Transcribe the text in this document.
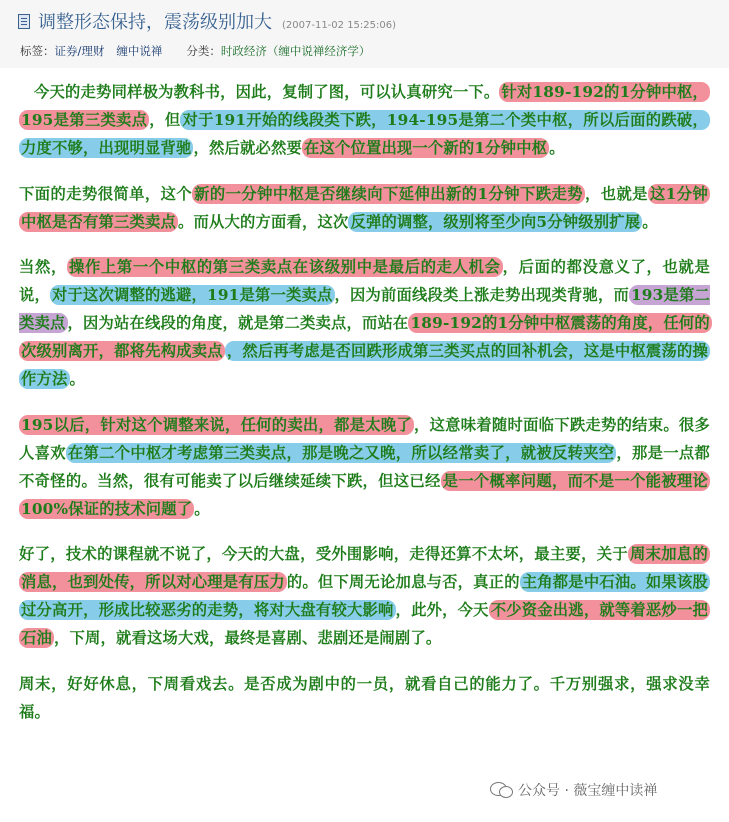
调整形态保持，震荡级别加大 (2007-11-02 15:25:06)
标签：证券/理财 缠中说禅 分类：时政经济（缠中说禅经济学）

今天的走势同样极为教科书，因此，复制了图，可以认真研究一下。 针对189-192的1分钟中枢，195是第三类卖点 ，但 对于191开始的线段类下跌，194-195是第二个类中枢，所以后面的跌破，力度不够，出现明显背驰 ，然后就必然要 在这个位置出现一个新的1分钟中枢 。

下面的走势很简单，这个 新的一分钟中枢是否继续向下延伸出新的1分钟下跌走势 ，也就是 这1分钟中枢是否有第三类卖点 。而从大的方面看，这次 反弹的调整，级别将至少向5分钟级别扩展 。

当然， 操作上第一个中枢的第三类卖点在该级别中是最后的走人机会 ，后面的都没意义了，也就是说， 对于这次调整的逃避，191是第一类卖点 ，因为前面线段类上涨走势出现类背驰，而 193是第二类卖点 ，因为站在线段的角度，就是第二类卖点，而站在 189-192的1分钟中枢震荡的角度，任何的次级别离开，都将先构成卖点 ，然后再考虑是否回跌形成第三类买点的回补机会，这是中枢震荡的操作方法 。

195以后，针对这个调整来说，任何的卖出，都是太晚了 ，这意味着随时面临下跌走势的结束。很多人喜欢 在第二个中枢才考虑第三类卖点，那是晚之又晚，所以经常卖了，就被反转夹空 ，那是一点都不奇怪的。当然，很有可能卖了以后继续延续下跌，但这已经 是一个概率问题，而不是一个能被理论100%保证的技术问题了 。

好了，技术的课程就不说了，今天的大盘，受外围影响，走得还算不太坏，最主要，关于 周末加息的消息，也到处传，所以对心理是有压力 的。但下周无论加息与否，真正的 主角都是中石油。如果该股过分高开，形成比较恶劣的走势，将对大盘有较大影响 ，此外，今天 不少资金出逃，就等着恶炒一把石油 ，下周，就看这场大戏，最终是喜剧、悲剧还是闹剧了。

周末，好好休息，下周看戏去。是否成为剧中的一员，就看自己的能力了。千万别强求，强求没幸福。

公众号 · 薇宝缠中读禅
